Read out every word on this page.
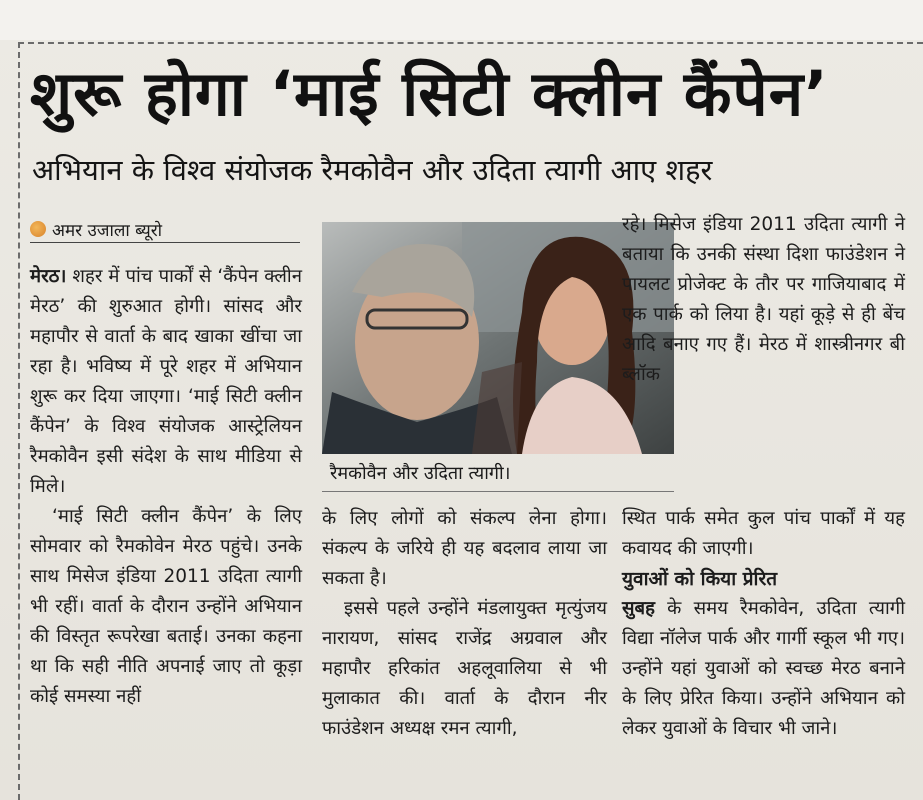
शुरू होगा ‘माई सिटी क्लीन कैंपेन’
अभियान के विश्व संयोजक रैमकोवैन और उदिता त्यागी आए शहर
अमर उजाला ब्यूरो

मेरठ। शहर में पांच पार्कों से ‘कैंपेन क्लीन मेरठ’ की शुरुआत होगी। सांसद और महापौर से वार्ता के बाद खाका खींचा जा रहा है। भविष्य में पूरे शहर में अभियान शुरू कर दिया जाएगा। ‘माई सिटी क्लीन कैंपेन’ के विश्व संयोजक आस्ट्रेलियन रैमकोवैन इसी संदेश के साथ मीडिया से मिले।

‘माई सिटी क्लीन कैंपेन’ के लिए सोमवार को रैमकोवेन मेरठ पहुंचे। उनके साथ मिसेज इंडिया 2011 उदिता त्यागी भी रहीं। वार्ता के दौरान उन्होंने अभियान की विस्तृत रूपरेखा बताई। उनका कहना था कि सही नीति अपनाई जाए तो कूड़ा कोई समस्या नहीं

रैमकोवैन और उदिता त्यागी।

के लिए लोगों को संकल्प लेना होगा। संकल्प के जरिये ही यह बदलाव लाया जा सकता है।

इससे पहले उन्होंने मंडलायुक्त मृत्युंजय नारायण, सांसद राजेंद्र अग्रवाल और महापौर हरिकांत अहलूवालिया से भी मुलाकात की। वार्ता के दौरान नीर फाउंडेशन अध्यक्ष रमन त्यागी,

रहे। मिसेज इंडिया 2011 उदिता त्यागी ने बताया कि उनकी संस्था दिशा फाउंडेशन ने पायलट प्रोजेक्ट के तौर पर गाजियाबाद में एक पार्क को लिया है। यहां कूड़े से ही बेंच आदि बनाए गए हैं। मेरठ में शास्त्रीनगर बी ब्लॉक

स्थित पार्क समेत कुल पांच पार्कों में यह कवायद की जाएगी।

युवाओं को किया प्रेरित

सुबह के समय रैमकोवेन, उदिता त्यागी विद्या नॉलेज पार्क और गार्गी स्कूल भी गए। उन्होंने यहां युवाओं को स्वच्छ मेरठ बनाने के लिए प्रेरित किया। उन्होंने अभियान को लेकर युवाओं के विचार भी जाने।
